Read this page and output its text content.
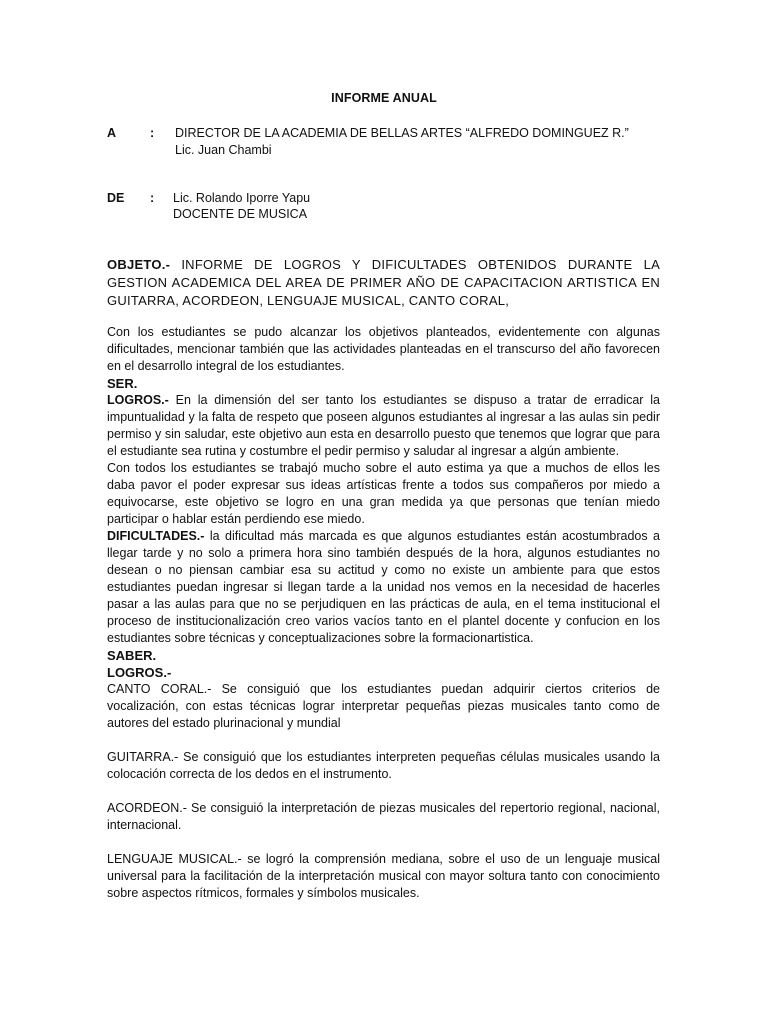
INFORME ANUAL
A	: DIRECTOR DE LA ACADEMIA DE BELLAS ARTES “ALFREDO DOMINGUEZ R.”
Lic. Juan Chambi
DE	: Lic. Rolando Iporre Yapu
DOCENTE DE MUSICA

OBJETO.- INFORME DE LOGROS Y DIFICULTADES OBTENIDOS DURANTE LA GESTION ACADEMICA DEL AREA DE PRIMER AÑO DE CAPACITACION ARTISTICA EN GUITARRA, ACORDEON, LENGUAJE MUSICAL, CANTO CORAL,

Con los estudiantes se pudo alcanzar los objetivos planteados, evidentemente con algunas dificultades, mencionar también que las actividades planteadas en el transcurso del año favorecen en el desarrollo integral de los estudiantes.

SER.

LOGROS.- En la dimensión del ser tanto los estudiantes se dispuso a tratar de erradicar la impuntualidad y la falta de respeto que poseen algunos estudiantes al ingresar a las aulas sin pedir permiso y sin saludar, este objetivo aun esta en desarrollo puesto que tenemos que lograr que para el estudiante sea rutina y costumbre el pedir permiso y saludar al ingresar a algún ambiente.

Con todos los estudiantes se trabajó mucho sobre el auto estima ya que a muchos de ellos les daba pavor el poder expresar sus ideas artísticas frente a todos sus compañeros por miedo a equivocarse, este objetivo se logro en una gran medida ya que personas que tenían miedo participar o hablar están perdiendo ese miedo.

DIFICULTADES.- la dificultad más marcada es que algunos estudiantes están acostumbrados a llegar tarde y no solo a primera hora sino también después de la hora, algunos estudiantes no desean o no piensan cambiar esa su actitud y como no existe un ambiente para que estos estudiantes puedan ingresar si llegan tarde a la unidad nos vemos en la necesidad de hacerles pasar a las aulas para que no se perjudiquen en las prácticas de aula, en el tema institucional el proceso de institucionalización creo varios vacíos tanto en el plantel docente y confucion en los estudiantes sobre técnicas y conceptualizaciones sobre la formacionartistica.

SABER.

LOGROS.-

CANTO CORAL.- Se consiguió que los estudiantes puedan adquirir ciertos criterios de vocalización, con estas técnicas lograr interpretar pequeñas piezas musicales tanto como de autores del estado plurinacional y mundial

GUITARRA.- Se consiguió que los estudiantes interpreten pequeñas células musicales usando la colocación correcta de los dedos en el instrumento.

ACORDEON.- Se consiguió la interpretación de piezas musicales del repertorio regional, nacional, internacional.

LENGUAJE MUSICAL.- se logró la comprensión mediana, sobre el uso de un lenguaje musical universal para la facilitación de la interpretación musical con mayor soltura tanto con conocimiento sobre aspectos rítmicos, formales y símbolos musicales.
